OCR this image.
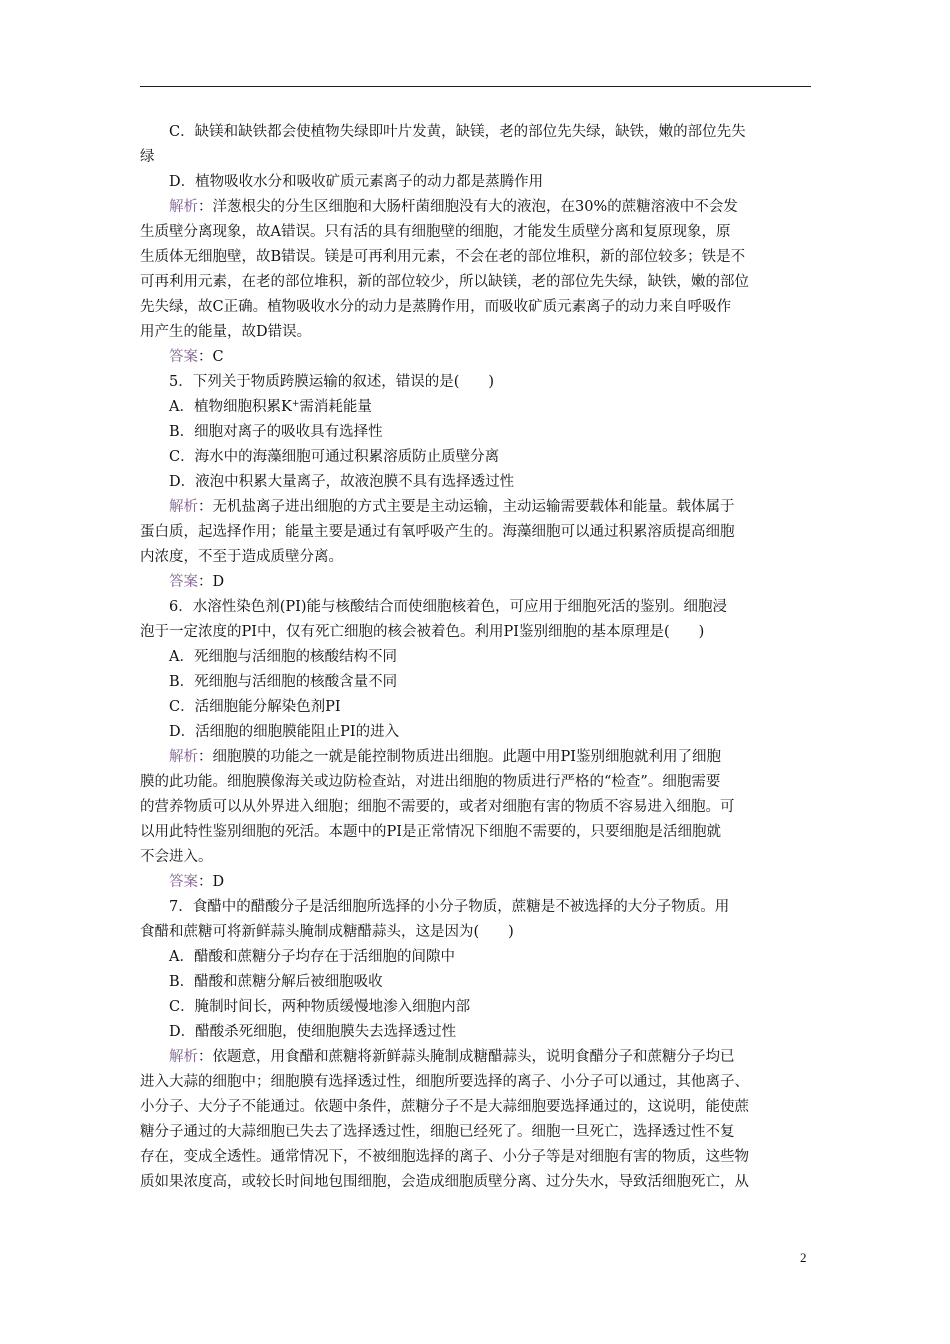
C．缺镁和缺铁都会使植物失绿即叶片发黄，缺镁，老的部位先失绿，缺铁，嫩的部位先失
绿
D．植物吸收水分和吸收矿质元素离子的动力都是蒸腾作用
解析：洋葱根尖的分生区细胞和大肠杆菌细胞没有大的液泡，在30%的蔗糖溶液中不会发
生质壁分离现象，故A错误。只有活的具有细胞壁的细胞，才能发生质壁分离和复原现象，原
生质体无细胞壁，故B错误。镁是可再利用元素，不会在老的部位堆积，新的部位较多；铁是不
可再利用元素，在老的部位堆积，新的部位较少，所以缺镁，老的部位先失绿，缺铁，嫩的部位
先失绿，故C正确。植物吸收水分的动力是蒸腾作用，而吸收矿质元素离子的动力来自呼吸作
用产生的能量，故D错误。
答案：C
5．下列关于物质跨膜运输的叙述，错误的是(　　)
A．植物细胞积累K+需消耗能量
B．细胞对离子的吸收具有选择性
C．海水中的海藻细胞可通过积累溶质防止质壁分离
D．液泡中积累大量离子，故液泡膜不具有选择透过性
解析：无机盐离子进出细胞的方式主要是主动运输，主动运输需要载体和能量。载体属于
蛋白质，起选择作用；能量主要是通过有氧呼吸产生的。海藻细胞可以通过积累溶质提高细胞
内浓度，不至于造成质壁分离。
答案：D
6．水溶性染色剂(PI)能与核酸结合而使细胞核着色，可应用于细胞死活的鉴别。细胞浸
泡于一定浓度的PI中，仅有死亡细胞的核会被着色。利用PI鉴别细胞的基本原理是(　　)
A．死细胞与活细胞的核酸结构不同
B．死细胞与活细胞的核酸含量不同
C．活细胞能分解染色剂PI
D．活细胞的细胞膜能阻止PI的进入
解析：细胞膜的功能之一就是能控制物质进出细胞。此题中用PI鉴别细胞就利用了细胞
膜的此功能。细胞膜像海关或边防检查站，对进出细胞的物质进行严格的“检查”。细胞需要
的营养物质可以从外界进入细胞；细胞不需要的，或者对细胞有害的物质不容易进入细胞。可
以用此特性鉴别细胞的死活。本题中的PI是正常情况下细胞不需要的，只要细胞是活细胞就
不会进入。
答案：D
7．食醋中的醋酸分子是活细胞所选择的小分子物质，蔗糖是不被选择的大分子物质。用
食醋和蔗糖可将新鲜蒜头腌制成糖醋蒜头，这是因为(　　)
A．醋酸和蔗糖分子均存在于活细胞的间隙中
B．醋酸和蔗糖分解后被细胞吸收
C．腌制时间长，两种物质缓慢地渗入细胞内部
D．醋酸杀死细胞，使细胞膜失去选择透过性
解析：依题意，用食醋和蔗糖将新鲜蒜头腌制成糖醋蒜头，说明食醋分子和蔗糖分子均已
进入大蒜的细胞中；细胞膜有选择透过性，细胞所要选择的离子、小分子可以通过，其他离子、
小分子、大分子不能通过。依题中条件，蔗糖分子不是大蒜细胞要选择通过的，这说明，能使蔗
糖分子通过的大蒜细胞已失去了选择透过性，细胞已经死了。细胞一旦死亡，选择透过性不复
存在，变成全透性。通常情况下，不被细胞选择的离子、小分子等是对细胞有害的物质，这些物
质如果浓度高，或较长时间地包围细胞，会造成细胞质壁分离、过分失水，导致活细胞死亡，从
2
